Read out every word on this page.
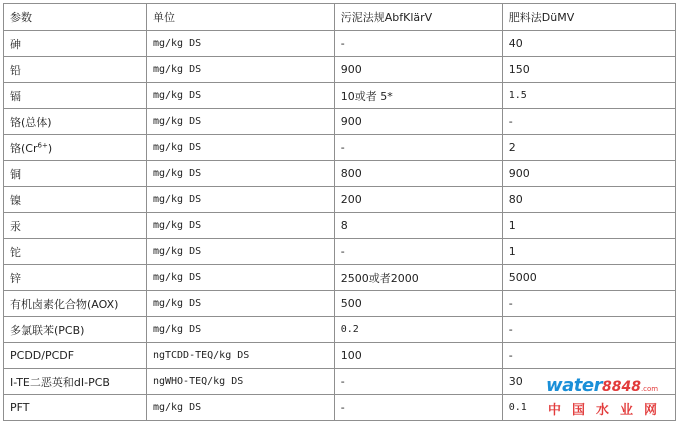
参数	单位	污泥法规AbfKlärV	肥料法DüMV
砷	mg/kg DS	-	40
铅	mg/kg DS	900	150
镉	mg/kg DS	10或者 5*	1.5
铬(总体)	mg/kg DS	900	-
铬$(Cr^{6+})$	mg/kg DS	-	2
铜	mg/kg DS	800	900
镍	mg/kg DS	200	80
汞	mg/kg DS	8	1
铊	mg/kg DS	-	1
锌	mg/kg DS	2500或者2000	5000
有机卤素化合物(AOX)	mg/kg DS	500	-
多氯联苯(PCB)	mg/kg DS	0.2	-
PCDD/PCDF	ngTCDD-TEQ/kg DS	100	-
I-TE二恶英和dI-PCB	ngWHO-TEQ/kg DS	-	30
PFT	mg/kg DS	-	0.1
water8848.com
中国水业网
